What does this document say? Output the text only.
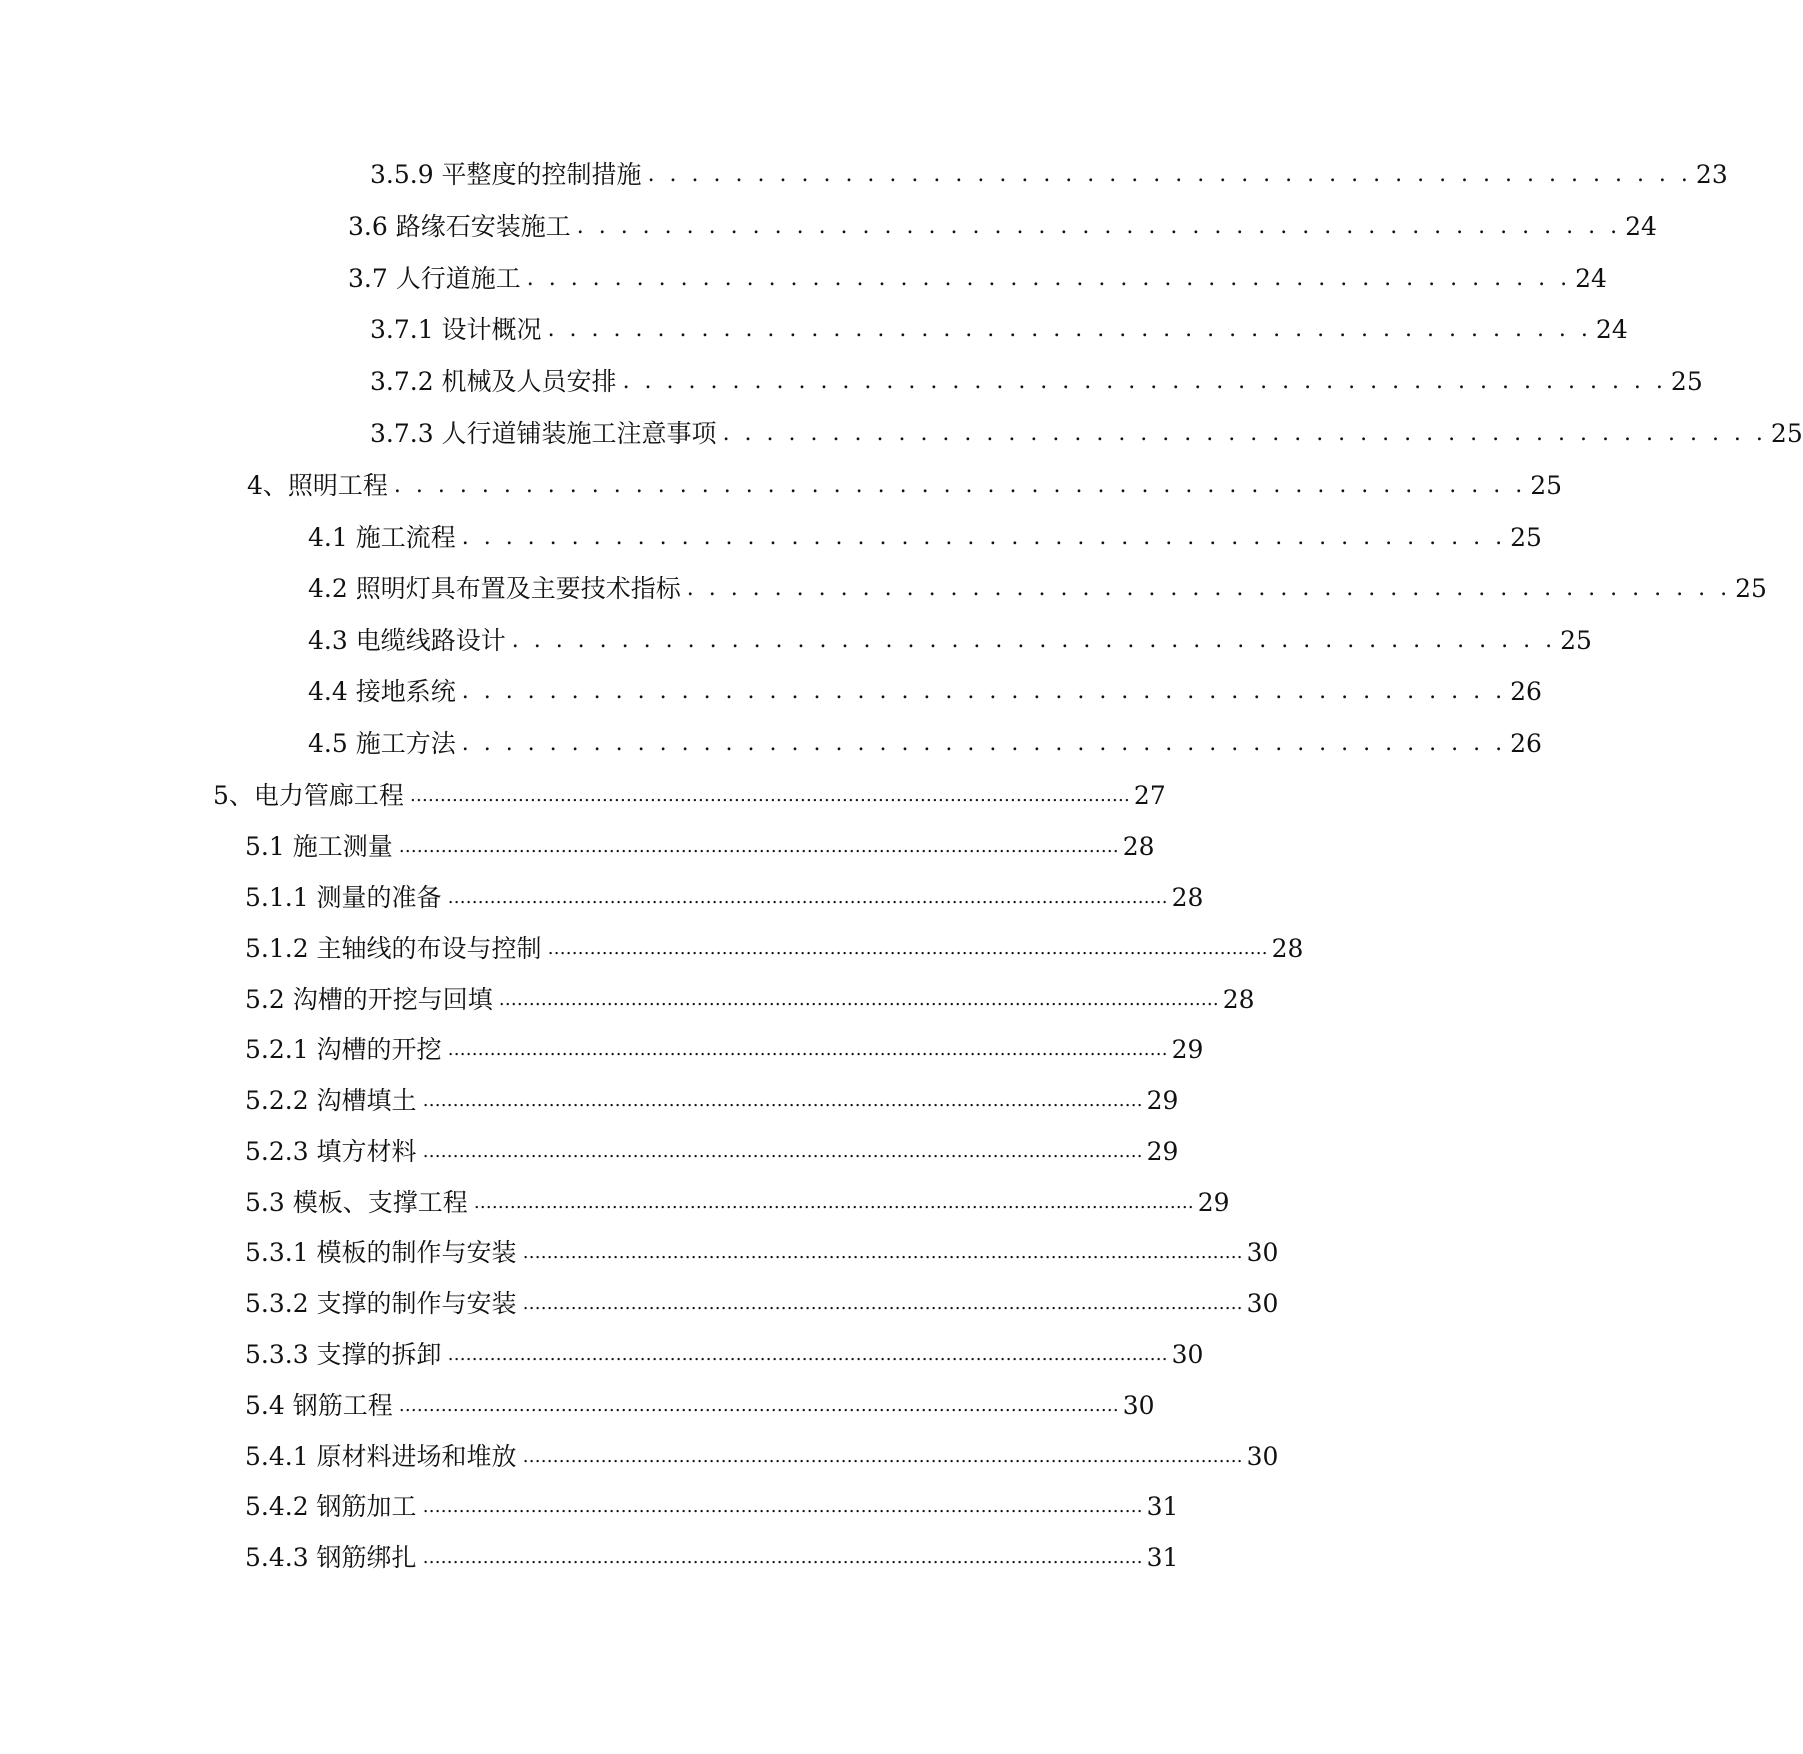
3.5.9 平整度的控制措施 . . . . . . . . . . . . . . . . . . . . . . . . . . . . . . . . . . . . . . . . . . . . . . . . 23
3.6 路缘石安装施工 . . . . . . . . . . . . . . . . . . . . . . . . . . . . . . . . . . . . . . . . . . . . . . . . 24
3.7 人行道施工 . . . . . . . . . . . . . . . . . . . . . . . . . . . . . . . . . . . . . . . . . . . . . . . . 24
3.7.1 设计概况 . . . . . . . . . . . . . . . . . . . . . . . . . . . . . . . . . . . . . . . . . . . . . . . . 24
3.7.2 机械及人员安排 . . . . . . . . . . . . . . . . . . . . . . . . . . . . . . . . . . . . . . . . . . . . . . . . 25
3.7.3 人行道铺装施工注意事项 . . . . . . . . . . . . . . . . . . . . . . . . . . . . . . . . . . . . . . . . . . . . . . . . 25
4、照明工程 . . . . . . . . . . . . . . . . . . . . . . . . . . . . . . . . . . . . . . . . . . . . . . . . . . . . 25
4.1 施工流程 . . . . . . . . . . . . . . . . . . . . . . . . . . . . . . . . . . . . . . . . . . . . . . . . 25
4.2 照明灯具布置及主要技术指标 . . . . . . . . . . . . . . . . . . . . . . . . . . . . . . . . . . . . . . . . . . . . . . . . 25
4.3 电缆线路设计 . . . . . . . . . . . . . . . . . . . . . . . . . . . . . . . . . . . . . . . . . . . . . . . . 25
4.4 接地系统 . . . . . . . . . . . . . . . . . . . . . . . . . . . . . . . . . . . . . . . . . . . . . . . . 26
4.5 施工方法 . . . . . . . . . . . . . . . . . . . . . . . . . . . . . . . . . . . . . . . . . . . . . . . . 26
5、电力管廊工程 ………………………………………………………………………………………………………… 27
5.1 施工测量 ………………………………………………………………………………………………………… 28
5.1.1 测量的准备 ………………………………………………………………………………………………………… 28
5.1.2 主轴线的布设与控制 ………………………………………………………………………………………………………… 28
5.2 沟槽的开挖与回填 ………………………………………………………………………………………………………… 28
5.2.1 沟槽的开挖 ………………………………………………………………………………………………………… 29
5.2.2 沟槽填土 ………………………………………………………………………………………………………… 29
5.2.3 填方材料 ………………………………………………………………………………………………………… 29
5.3 模板、支撑工程 ………………………………………………………………………………………………………… 29
5.3.1 模板的制作与安装 ………………………………………………………………………………………………………… 30
5.3.2 支撑的制作与安装 ………………………………………………………………………………………………………… 30
5.3.3 支撑的拆卸 ………………………………………………………………………………………………………… 30
5.4 钢筋工程 ………………………………………………………………………………………………………… 30
5.4.1 原材料进场和堆放 ………………………………………………………………………………………………………… 30
5.4.2 钢筋加工 ………………………………………………………………………………………………………… 31
5.4.3 钢筋绑扎 ………………………………………………………………………………………………………… 31
